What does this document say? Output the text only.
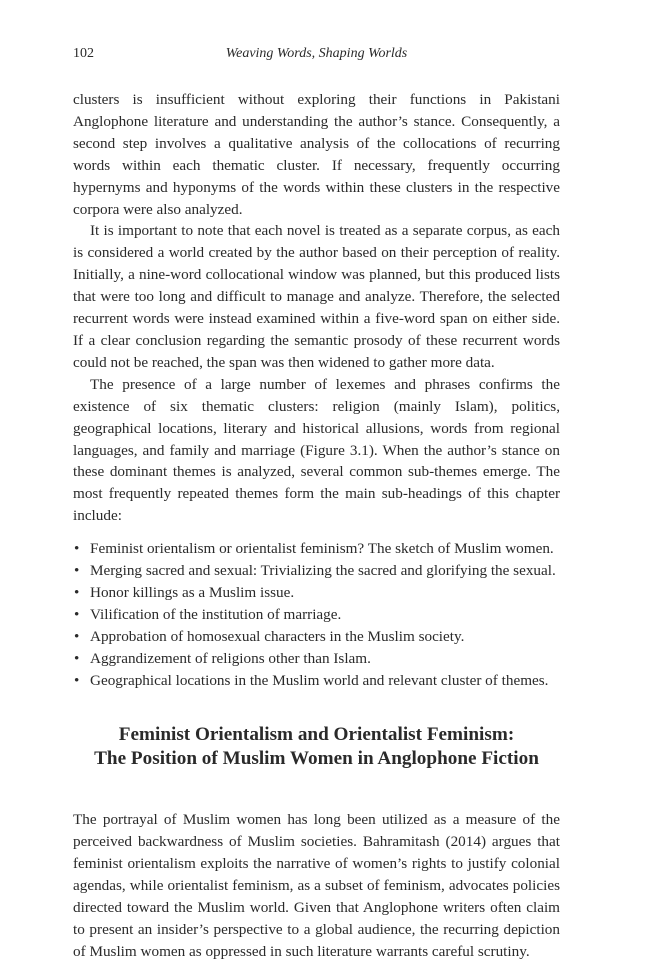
102	Weaving Words, Shaping Worlds

clusters is insufficient without exploring their functions in Pakistani Anglophone literature and understanding the author’s stance. Consequently, a second step involves a qualitative analysis of the collocations of recurring words within each thematic cluster. If necessary, frequently occurring hypernyms and hyponyms of the words within these clusters in the respective corpora were also analyzed.

It is important to note that each novel is treated as a separate corpus, as each is considered a world created by the author based on their perception of reality. Initially, a nine-word collocational window was planned, but this produced lists that were too long and difficult to manage and analyze. Therefore, the selected recurrent words were instead examined within a five-word span on either side. If a clear conclusion regarding the semantic prosody of these recurrent words could not be reached, the span was then widened to gather more data.

The presence of a large number of lexemes and phrases confirms the existence of six thematic clusters: religion (mainly Islam), politics, geographical locations, literary and historical allusions, words from regional languages, and family and marriage (Figure 3.1). When the author’s stance on these dominant themes is analyzed, several common sub-themes emerge. The most frequently repeated themes form the main sub-headings of this chapter include:

• Feminist orientalism or orientalist feminism? The sketch of Muslim women.
• Merging sacred and sexual: Trivializing the sacred and glorifying the sexual.
• Honor killings as a Muslim issue.
• Vilification of the institution of marriage.
• Approbation of homosexual characters in the Muslim society.
• Aggrandizement of religions other than Islam.
• Geographical locations in the Muslim world and relevant cluster of themes.
Feminist Orientalism and Orientalist Feminism:
The Position of Muslim Women in Anglophone Fiction

The portrayal of Muslim women has long been utilized as a measure of the perceived backwardness of Muslim societies. Bahramitash (2014) argues that feminist orientalism exploits the narrative of women’s rights to justify colonial agendas, while orientalist feminism, as a subset of feminism, advocates policies directed toward the Muslim world. Given that Anglophone writers often claim to present an insider’s perspective to a global audience, the recurring depiction of Muslim women as oppressed in such literature warrants careful scrutiny.
